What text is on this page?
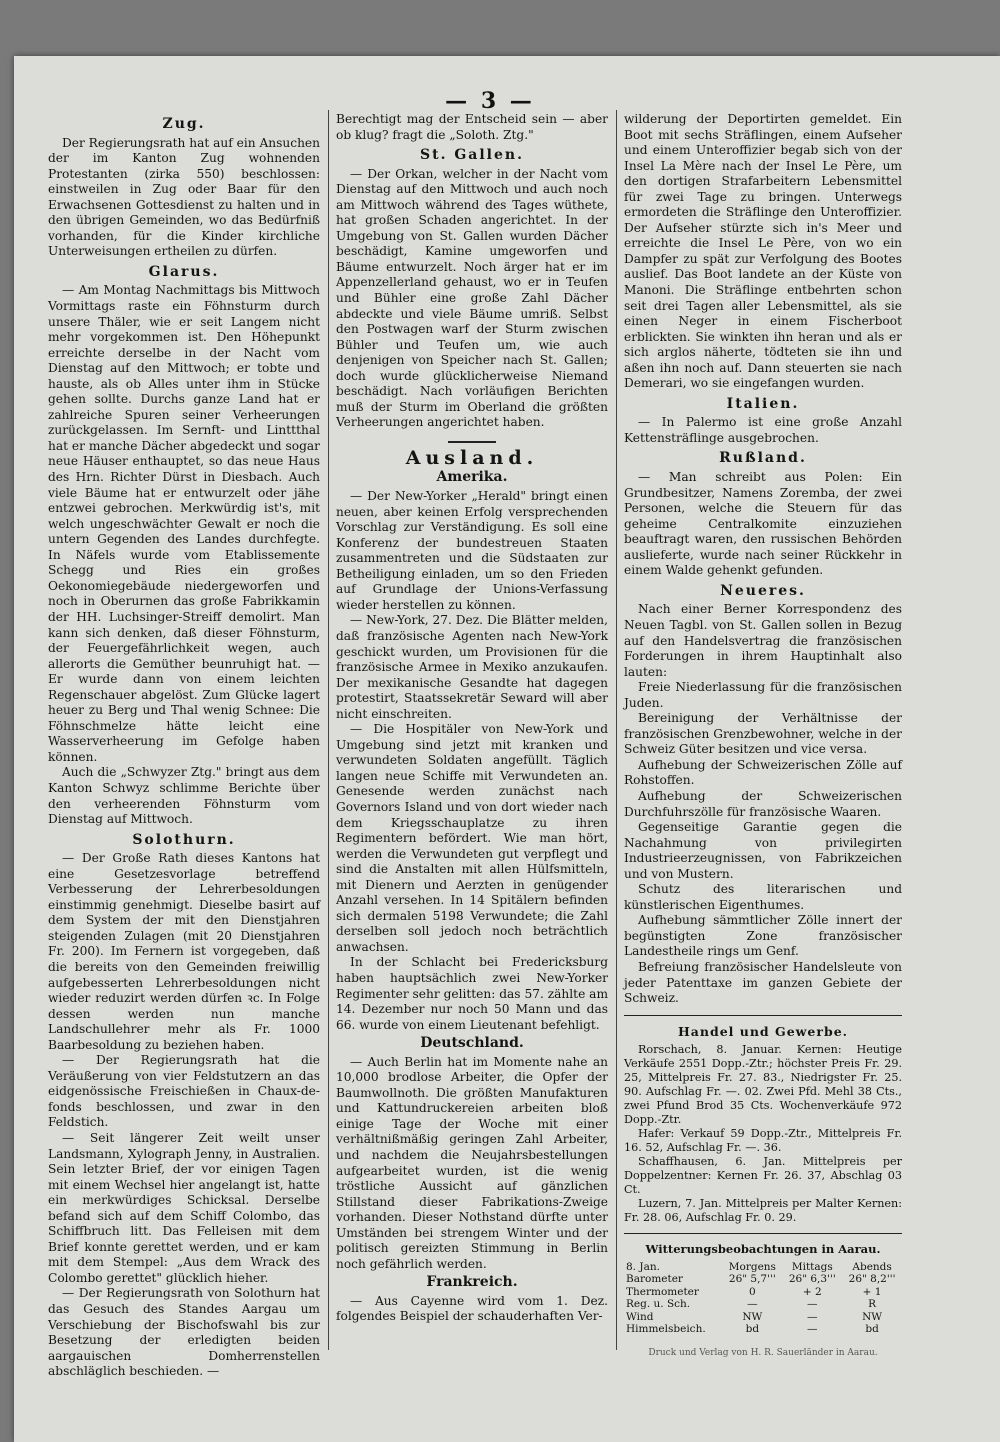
— 3 —
Zug.

Der Regierungsrath hat auf ein Ansuchen der im Kanton Zug wohnenden Protestanten (zirka 550) beschlossen: einstweilen in Zug oder Baar für den Erwachsenen Gottesdienst zu halten und in den übrigen Gemeinden, wo das Bedürfniß vorhanden, für die Kinder kirchliche Unterweisungen ertheilen zu dürfen.

Glarus.

— Am Montag Nachmittags bis Mittwoch Vormittags raste ein Föhnsturm durch unsere Thäler, wie er seit Langem nicht mehr vorgekommen ist. Den Höhepunkt erreichte derselbe in der Nacht vom Dienstag auf den Mittwoch; er tobte und hauste, als ob Alles unter ihm in Stücke gehen sollte. Durchs ganze Land hat er zahlreiche Spuren seiner Verheerungen zurückgelassen. Im Sernft- und Linttthal hat er manche Dächer abgedeckt und sogar neue Häuser enthauptet, so das neue Haus des Hrn. Richter Dürst in Diesbach. Auch viele Bäume hat er entwurzelt oder jähe entzwei gebrochen. Merkwürdig ist's, mit welch ungeschwächter Gewalt er noch die untern Gegenden des Landes durchfegte. In Näfels wurde vom Etablissemente Schegg und Ries ein großes Oekonomiegebäude niedergeworfen und noch in Oberurnen das große Fabrikkamin der HH. Luchsinger-Streiff demolirt. Man kann sich denken, daß dieser Föhnsturm, der Feuergefährlichkeit wegen, auch allerorts die Gemüther beunruhigt hat. — Er wurde dann von einem leichten Regenschauer abgelöst. Zum Glücke lagert heuer zu Berg und Thal wenig Schnee: Die Föhnschmelze hätte leicht eine Wasserverheerung im Gefolge haben können.

Auch die „Schwyzer Ztg." bringt aus dem Kanton Schwyz schlimme Berichte über den verheerenden Föhnsturm vom Dienstag auf Mittwoch.

Solothurn.

— Der Große Rath dieses Kantons hat eine Gesetzesvorlage betreffend Verbesserung der Lehrerbesoldungen einstimmig genehmigt. Dieselbe basirt auf dem System der mit den Dienstjahren steigenden Zulagen (mit 20 Dienstjahren Fr. 200). Im Fernern ist vorgegeben, daß die bereits von den Gemeinden freiwillig aufgebesserten Lehrerbesoldungen nicht wieder reduzirt werden dürfen ꝛc. In Folge dessen werden nun manche Landschullehrer mehr als Fr. 1000 Baarbesoldung zu beziehen haben.

— Der Regierungsrath hat die Veräußerung von vier Feldstutzern an das eidgenössische Freischießen in Chaux-de-fonds beschlossen, und zwar in den Feldstich.

— Seit längerer Zeit weilt unser Landsmann, Xylograph Jenny, in Australien. Sein letzter Brief, der vor einigen Tagen mit einem Wechsel hier angelangt ist, hatte ein merkwürdiges Schicksal. Derselbe befand sich auf dem Schiff Colombo, das Schiffbruch litt. Das Felleisen mit dem Brief konnte gerettet werden, und er kam mit dem Stempel: „Aus dem Wrack des Colombo gerettet" glücklich hieher.

— Der Regierungsrath von Solothurn hat das Gesuch des Standes Aargau um Verschiebung der Bischofswahl bis zur Besetzung der erledigten beiden aargauischen Domherrenstellen abschläglich beschieden. —

Berechtigt mag der Entscheid sein — aber ob klug? fragt die „Soloth. Ztg."

St. Gallen.

— Der Orkan, welcher in der Nacht vom Dienstag auf den Mittwoch und auch noch am Mittwoch während des Tages wüthete, hat großen Schaden angerichtet. In der Umgebung von St. Gallen wurden Dächer beschädigt, Kamine umgeworfen und Bäume entwurzelt. Noch ärger hat er im Appenzellerland gehaust, wo er in Teufen und Bühler eine große Zahl Dächer abdeckte und viele Bäume umriß. Selbst den Postwagen warf der Sturm zwischen Bühler und Teufen um, wie auch denjenigen von Speicher nach St. Gallen; doch wurde glücklicherweise Niemand beschädigt. Nach vorläufigen Berichten muß der Sturm im Oberland die größten Verheerungen angerichtet haben.

Ausland.
Amerika.

— Der New-Yorker „Herald" bringt einen neuen, aber keinen Erfolg versprechenden Vorschlag zur Verständigung. Es soll eine Konferenz der bundestreuen Staaten zusammentreten und die Südstaaten zur Betheiligung einladen, um so den Frieden auf Grundlage der Unions-Verfassung wieder herstellen zu können.

— New-York, 27. Dez. Die Blätter melden, daß französische Agenten nach New-York geschickt wurden, um Provisionen für die französische Armee in Mexiko anzukaufen. Der mexikanische Gesandte hat dagegen protestirt, Staatssekretär Seward will aber nicht einschreiten.

— Die Hospitäler von New-York und Umgebung sind jetzt mit kranken und verwundeten Soldaten angefüllt. Täglich langen neue Schiffe mit Verwundeten an. Genesende werden zunächst nach Governors Island und von dort wieder nach dem Kriegsschauplatze zu ihren Regimentern befördert. Wie man hört, werden die Verwundeten gut verpflegt und sind die Anstalten mit allen Hülfsmitteln, mit Dienern und Aerzten in genügender Anzahl versehen. In 14 Spitälern befinden sich dermalen 5198 Verwundete; die Zahl derselben soll jedoch noch beträchtlich anwachsen.

In der Schlacht bei Fredericksburg haben hauptsächlich zwei New-Yorker Regimenter sehr gelitten: das 57. zählte am 14. Dezember nur noch 50 Mann und das 66. wurde von einem Lieutenant befehligt.

Deutschland.

— Auch Berlin hat im Momente nahe an 10,000 brodlose Arbeiter, die Opfer der Baumwollnoth. Die größten Manufakturen und Kattundruckereien arbeiten bloß einige Tage der Woche mit einer verhältnißmäßig geringen Zahl Arbeiter, und nachdem die Neujahrsbestellungen aufgearbeitet wurden, ist die wenig tröstliche Aussicht auf gänzlichen Stillstand dieser Fabrikations-Zweige vorhanden. Dieser Nothstand dürfte unter Umständen bei strengem Winter und der politisch gereizten Stimmung in Berlin noch gefährlich werden.

Frankreich.

— Aus Cayenne wird vom 1. Dez. folgendes Beispiel der schauderhaften Ver-

wilderung der Deportirten gemeldet. Ein Boot mit sechs Sträflingen, einem Aufseher und einem Unteroffizier begab sich von der Insel La Mère nach der Insel Le Père, um den dortigen Strafarbeitern Lebensmittel für zwei Tage zu bringen. Unterwegs ermordeten die Sträflinge den Unteroffizier. Der Aufseher stürzte sich in's Meer und erreichte die Insel Le Père, von wo ein Dampfer zu spät zur Verfolgung des Bootes auslief. Das Boot landete an der Küste von Manoni. Die Sträflinge entbehrten schon seit drei Tagen aller Lebensmittel, als sie einen Neger in einem Fischerboot erblickten. Sie winkten ihn heran und als er sich arglos näherte, tödteten sie ihn und aßen ihn noch auf. Dann steuerten sie nach Demerari, wo sie eingefangen wurden.

Italien.

— In Palermo ist eine große Anzahl Kettensträflinge ausgebrochen.

Rußland.

— Man schreibt aus Polen: Ein Grundbesitzer, Namens Zoremba, der zwei Personen, welche die Steuern für das geheime Centralkomite einzuziehen beauftragt waren, den russischen Behörden auslieferte, wurde nach seiner Rückkehr in einem Walde gehenkt gefunden.

Neueres.

Nach einer Berner Korrespondenz des Neuen Tagbl. von St. Gallen sollen in Bezug auf den Handelsvertrag die französischen Forderungen in ihrem Hauptinhalt also lauten:

Freie Niederlassung für die französischen Juden.

Bereinigung der Verhältnisse der französischen Grenzbewohner, welche in der Schweiz Güter besitzen und vice versa.

Aufhebung der Schweizerischen Zölle auf Rohstoffen.

Aufhebung der Schweizerischen Durchfuhrszölle für französische Waaren.

Gegenseitige Garantie gegen die Nachahmung von privilegirten Industrieerzeugnissen, von Fabrikzeichen und von Mustern.

Schutz des literarischen und künstlerischen Eigenthumes.

Aufhebung sämmtlicher Zölle innert der begünstigten Zone französischer Landestheile rings um Genf.

Befreiung französischer Handelsleute von jeder Patenttaxe im ganzen Gebiete der Schweiz.

Handel und Gewerbe.

Rorschach, 8. Januar. Kernen: Heutige Verkäufe 2551 Dopp.-Ztr.; höchster Preis Fr. 29. 25, Mittelpreis Fr. 27. 83., Niedrigster Fr. 25. 90. Aufschlag Fr. —. 02. Zwei Pfd. Mehl 38 Cts., zwei Pfund Brod 35 Cts. Wochenverkäufe 972 Dopp.-Ztr.

Hafer: Verkauf 59 Dopp.-Ztr., Mittelpreis Fr. 16. 52, Aufschlag Fr. —. 36.

Schaffhausen, 6. Jan. Mittelpreis per Doppelzentner: Kernen Fr. 26. 37, Abschlag 03 Ct.

Luzern, 7. Jan. Mittelpreis per Malter Kernen: Fr. 28. 06, Aufschlag Fr. 0. 29.

Witterungsbeobachtungen in Aarau.
8. Jan.	Morgens	Mittags	Abends
Barometer	26" 5,7'''	26" 6,3'''	26" 8,2'''
Thermometer	0	+ 2	+ 1
Reg. u. Sch.	—	—	R
Wind	NW	—	NW
Himmelsbeich.	bd	—	bd
Druck und Verlag von H. R. Sauerländer in Aarau.
